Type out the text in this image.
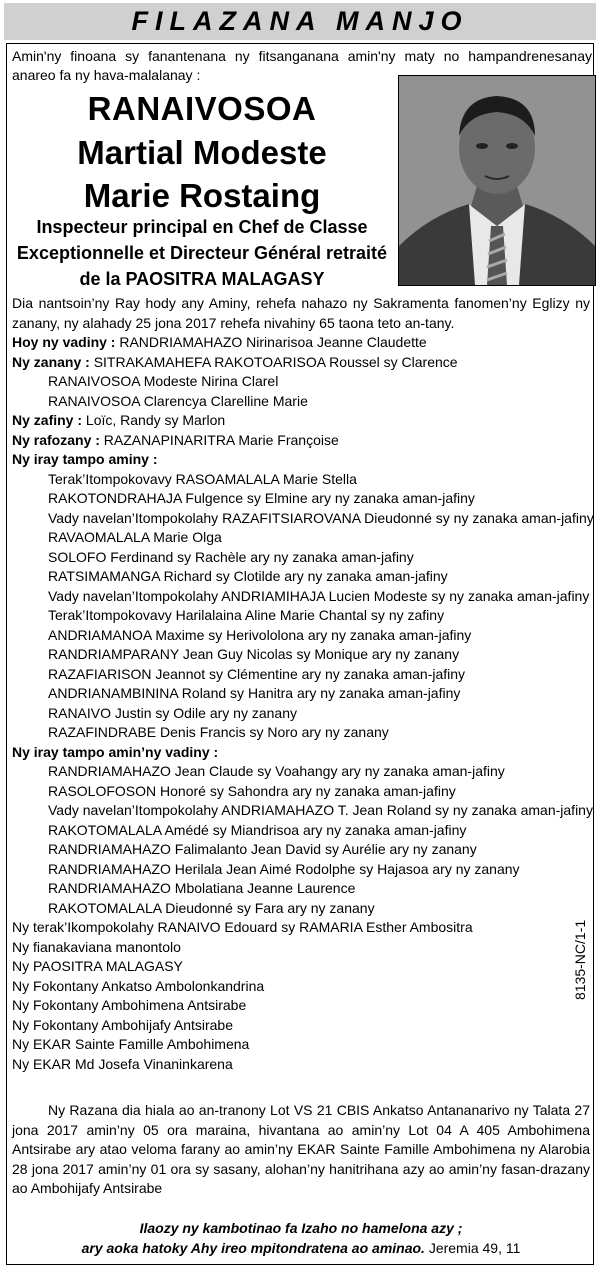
FILAZANA MANJO
Amin'ny finoana sy fanantenana ny fitsanganana amin'ny maty no hampandrenesanay anareo fa ny hava-malalanay :
RANAIVOSOA
Martial Modeste
Marie Rostaing
Inspecteur principal en Chef de Classe
Exceptionnelle et Directeur Général retraité
de la PAOSITRA MALAGASY
Dia nantsoin’ny Ray hody any Aminy, rehefa nahazo ny Sakramenta fanomen’ny Eglizy ny zanany, ny alahady 25 jona 2017 rehefa nivahiny 65 taona teto an-tany.
Hoy ny vadiny : RANDRIAMAHAZO Nirinarisoa Jeanne Claudette
Ny zanany : SITRAKAMAHEFA RAKOTOARISOA Roussel sy Clarence
RANAIVOSOA Modeste Nirina Clarel
RANAIVOSOA Clarencya Clarelline Marie
Ny zafiny : Loïc, Randy sy Marlon
Ny rafozany : RAZANAPINARITRA Marie Françoise
Ny iray tampo aminy :
Terak’Itompokovavy RASOAMALALA Marie Stella
RAKOTONDRAHAJA Fulgence sy Elmine ary ny zanaka aman-jafiny
Vady navelan’Itompokolahy RAZAFITSIAROVANA Dieudonné sy ny zanaka aman-jafiny
RAVAOMALALA Marie Olga
SOLOFO Ferdinand sy Rachèle ary ny zanaka aman-jafiny
RATSIMAMANGA Richard sy Clotilde ary ny zanaka aman-jafiny
Vady navelan’Itompokolahy ANDRIAMIHAJA Lucien Modeste sy ny zanaka aman-jafiny
Terak’Itompokovavy Harilalaina Aline Marie Chantal sy ny zafiny
ANDRIAMANOA Maxime sy Herivololona ary ny zanaka aman-jafiny
RANDRIAMPARANY Jean Guy Nicolas sy Monique ary ny zanany
RAZAFIARISON Jeannot sy Clémentine ary ny zanaka aman-jafiny
ANDRIANAMBININA Roland sy Hanitra ary ny zanaka aman-jafiny
RANAIVO Justin sy Odile ary ny zanany
RAZAFINDRABE Denis Francis sy Noro ary ny zanany
Ny iray tampo amin’ny vadiny :
RANDRIAMAHAZO Jean Claude sy Voahangy ary ny zanaka aman-jafiny
RASOLOFOSON Honoré sy Sahondra ary ny zanaka aman-jafiny
Vady navelan’Itompokolahy ANDRIAMAHAZO T. Jean Roland sy ny zanaka aman-jafiny
RAKOTOMALALA Amédé sy Miandrisoa ary ny zanaka aman-jafiny
RANDRIAMAHAZO Falimalanto Jean David sy Aurélie ary ny zanany
RANDRIAMAHAZO Herilala Jean Aimé Rodolphe sy Hajasoa ary ny zanany
RANDRIAMAHAZO Mbolatiana Jeanne Laurence
RAKOTOMALALA Dieudonné sy Fara ary ny zanany
Ny terak’Ikompokolahy RANAIVO Edouard sy RAMARIA Esther Ambositra
Ny fianakaviana manontolo
Ny PAOSITRA MALAGASY
Ny Fokontany Ankatso Ambolonkandrina
Ny Fokontany Ambohimena Antsirabe
Ny Fokontany Ambohijafy Antsirabe
Ny EKAR Sainte Famille Ambohimena
Ny EKAR Md Josefa Vinaninkarena
8135-NC/1-1
Ny Razana dia hiala ao an-tranony Lot VS 21 CBIS Ankatso Antananarivo ny Talata 27 jona 2017 amin’ny 05 ora maraina, hivantana ao amin’ny Lot 04 A 405 Ambohimena Antsirabe ary atao veloma farany ao amin’ny EKAR Sainte Famille Ambohimena ny Alarobia 28 jona 2017 amin’ny 01 ora sy sasany, alohan’ny hanitrihana azy ao amin’ny fasan-drazany ao Ambohijafy Antsirabe
Ilaozy ny kambotinao fa Izaho no hamelona azy ;
ary aoka hatoky Ahy ireo mpitondratena ao aminao. Jeremia 49, 11
